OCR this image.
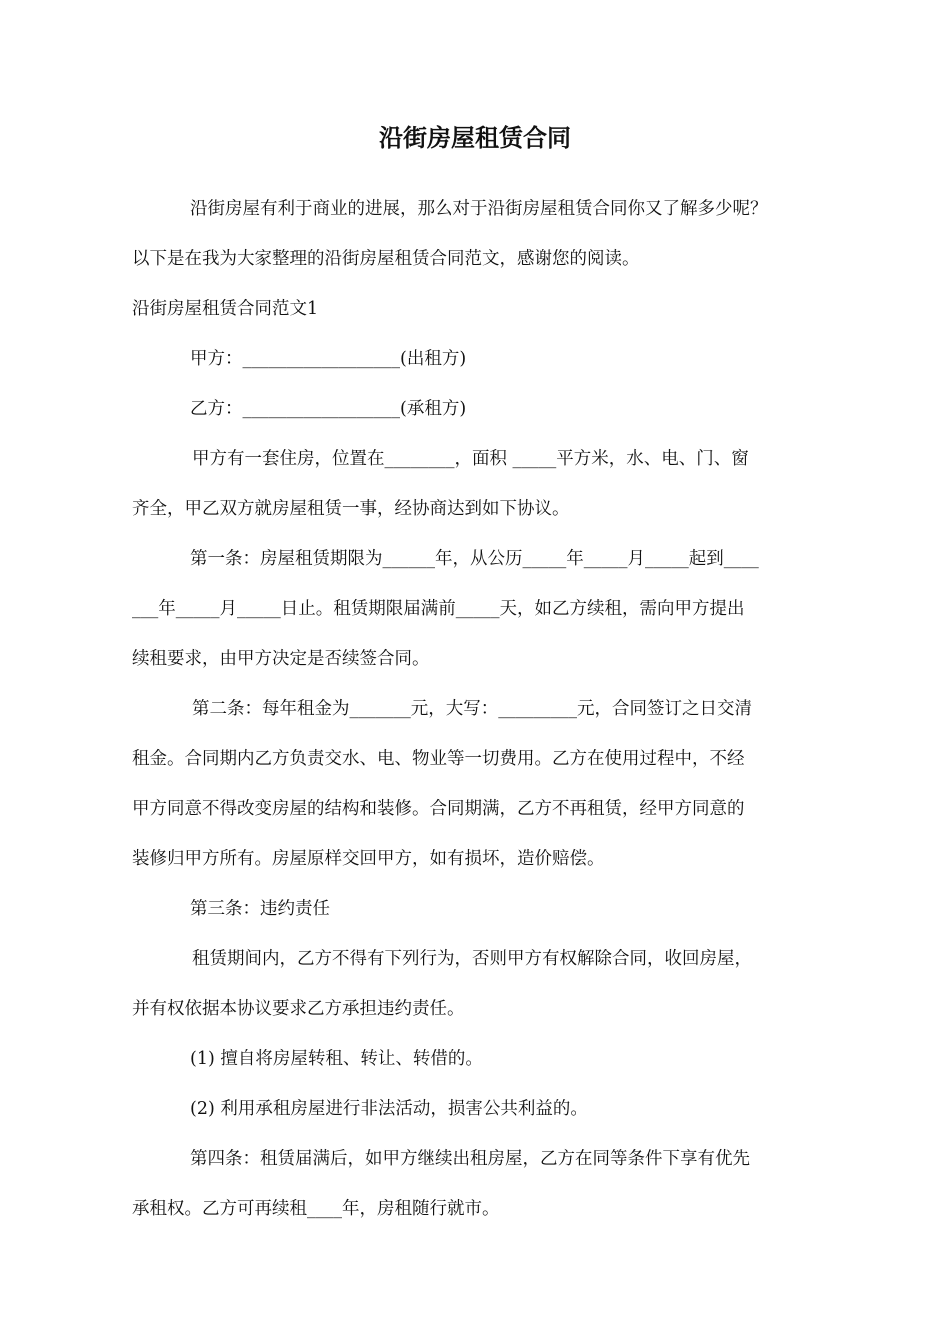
沿街房屋租赁合同

沿街房屋有利于商业的进展，那么对于沿街房屋租赁合同你又了解多少呢？

以下是在我为大家整理的沿街房屋租赁合同范文，感谢您的阅读。

沿街房屋租赁合同范文1

甲方：__________________(出租方)

乙方：__________________(承租方)

甲方有一套住房，位置在________，面积 _____平方米，水、电、门、窗

齐全，甲乙双方就房屋租赁一事，经协商达到如下协议。

第一条：房屋租赁期限为______年，从公历_____年_____月_____起到____

___年_____月_____日止。租赁期限届满前_____天，如乙方续租，需向甲方提出

续租要求，由甲方决定是否续签合同。

第二条：每年租金为_______元，大写：_________元，合同签订之日交清

租金。合同期内乙方负责交水、电、物业等一切费用。乙方在使用过程中，不经

甲方同意不得改变房屋的结构和装修。合同期满，乙方不再租赁，经甲方同意的

装修归甲方所有。房屋原样交回甲方，如有损坏，造价赔偿。

第三条：违约责任

租赁期间内，乙方不得有下列行为，否则甲方有权解除合同，收回房屋，

并有权依据本协议要求乙方承担违约责任。

(1) 擅自将房屋转租、转让、转借的。

(2) 利用承租房屋进行非法活动，损害公共利益的。

第四条：租赁届满后，如甲方继续出租房屋，乙方在同等条件下享有优先

承租权。乙方可再续租____年，房租随行就市。
